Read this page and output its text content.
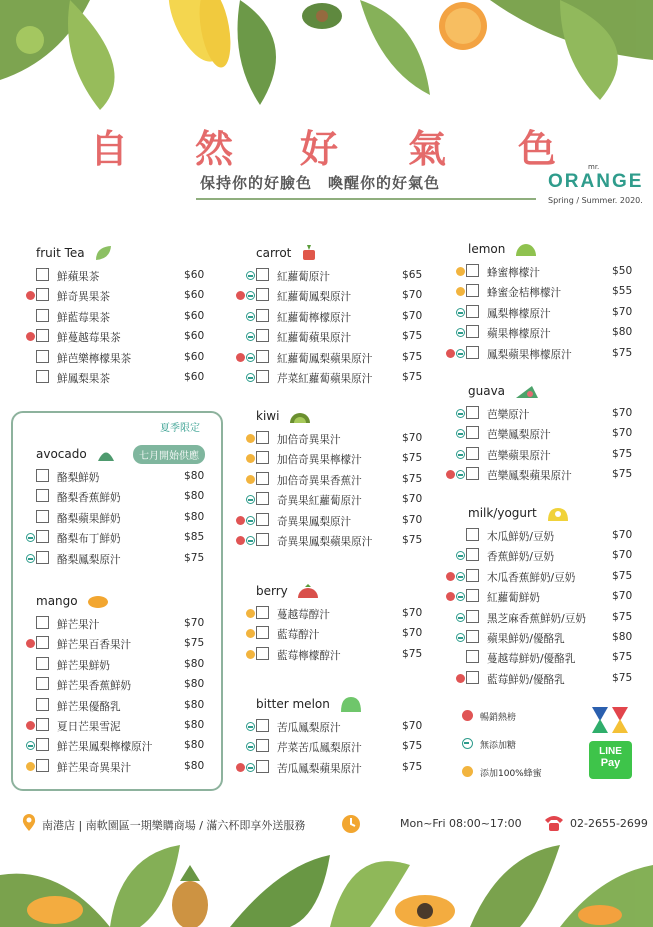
自 然 好 氣 色
保持你的好臉色　喚醒你的好氣色
mr.
ORANGE
Spring / Summer. 2020.
夏季限定
七月開始供應
fruit Tea
鮮蘋果茶	$60
鮮奇異果茶	$60
鮮藍莓果茶	$60
鮮蔓越莓果茶	$60
鮮芭樂檸檬果茶	$60
鮮鳳梨果茶	$60
avocado
酪梨鮮奶	$80
酪梨香蕉鮮奶	$80
酪梨蘋果鮮奶	$80
酪梨布丁鮮奶	$85
酪梨鳳梨原汁	$75
mango
鮮芒果汁	$70
鮮芒果百香果汁	$75
鮮芒果鮮奶	$80
鮮芒果香蕉鮮奶	$80
鮮芒果優酪乳	$80
夏日芒果雪泥	$80
鮮芒果鳳梨檸檬原汁	$80
鮮芒果奇異果汁	$80
carrot
紅蘿蔔原汁	$65
紅蘿蔔鳳梨原汁	$70
紅蘿蔔檸檬原汁	$70
紅蘿蔔蘋果原汁	$75
紅蘿蔔鳳梨蘋果原汁	$75
芹菜紅蘿蔔蘋果原汁	$75
kiwi
加倍奇異果汁	$70
加倍奇異果檸檬汁	$75
加倍奇異果香蕉汁	$75
奇異果紅蘿蔔原汁	$70
奇異果鳳梨原汁	$70
奇異果鳳梨蘋果原汁	$75
berry
蔓越莓醇汁	$70
藍莓醇汁	$70
藍莓檸檬醇汁	$75
bitter melon
苦瓜鳳梨原汁	$70
芹菜苦瓜鳳梨原汁	$75
苦瓜鳳梨蘋果原汁	$75
lemon
蜂蜜檸檬汁	$50
蜂蜜金桔檸檬汁	$55
鳳梨檸檬原汁	$70
蘋果檸檬原汁	$80
鳳梨蘋果檸檬原汁	$75
guava
芭樂原汁	$70
芭樂鳳梨原汁	$70
芭樂蘋果原汁	$75
芭樂鳳梨蘋果原汁	$75
milk/yogurt
木瓜鮮奶/豆奶	$70
香蕉鮮奶/豆奶	$70
木瓜香蕉鮮奶/豆奶	$75
紅蘿蔔鮮奶	$70
黑芝麻香蕉鮮奶/豆奶 $75
蘋果鮮奶/優酪乳	$80
蔓越莓鮮奶/優酪乳	$75
藍莓鮮奶/優酪乳	$75
暢銷熱榜
無添加糖
添加100%蜂蜜
LINE
Pay
南港店 | 南軟園區一期樂購商場 / 滿六杯即享外送服務	Mon~Fri 08:00~17:00	02-2655-2699
